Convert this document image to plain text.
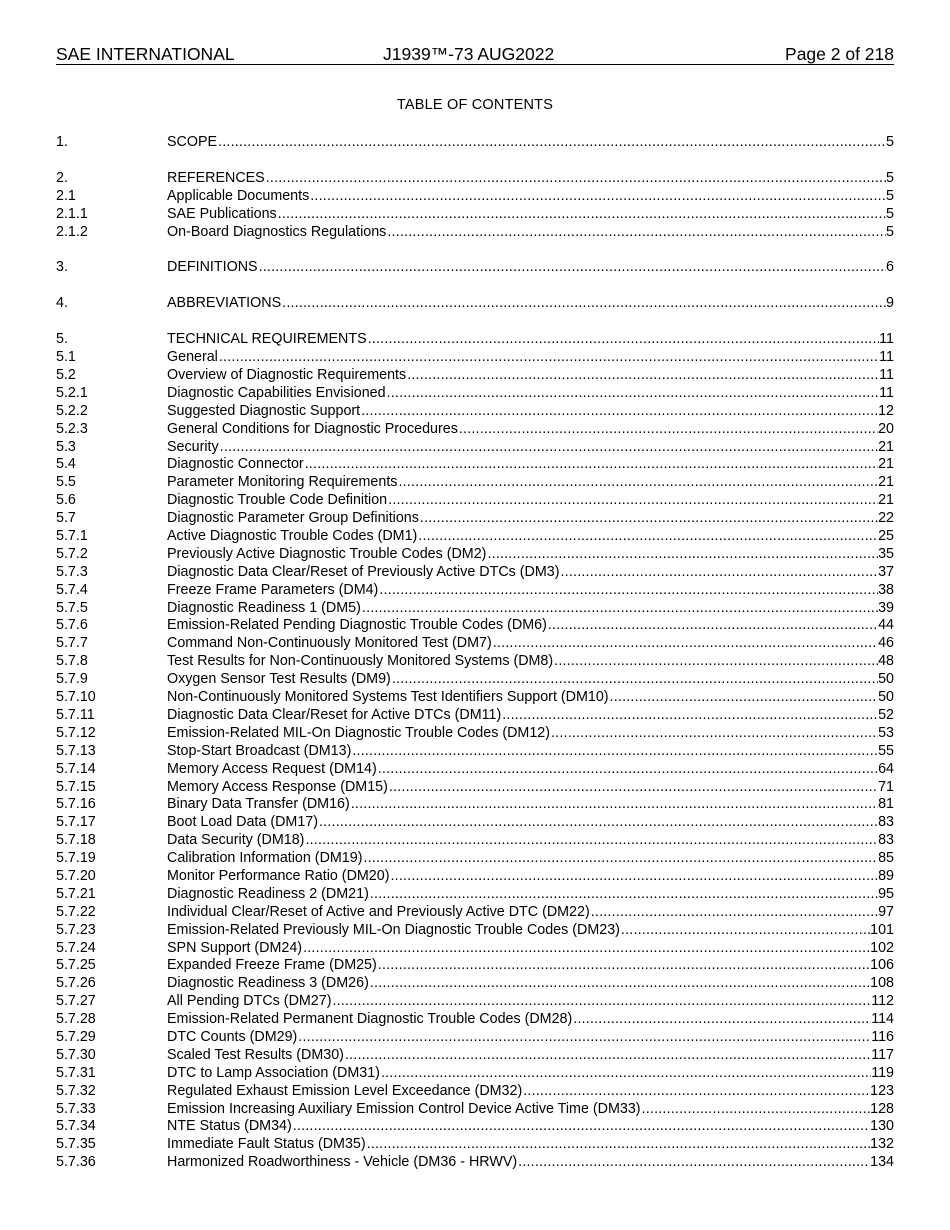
SAE INTERNATIONAL	J1939™-73 AUG2022	Page 2 of 218
TABLE OF CONTENTS
1.	SCOPE .....	5
2.	REFERENCES .....	5
2.1	Applicable Documents .....	5
2.1.1	SAE Publications .....	5
2.1.2	On-Board Diagnostics Regulations .....	5
3.	DEFINITIONS .....	6
4.	ABBREVIATIONS .....	9
5.	TECHNICAL REQUIREMENTS .....	11
5.1	General .....	11
5.2	Overview of Diagnostic Requirements .....	11
5.2.1	Diagnostic Capabilities Envisioned .....	11
5.2.2	Suggested Diagnostic Support .....	12
5.2.3	General Conditions for Diagnostic Procedures .....	20
5.3	Security .....	21
5.4	Diagnostic Connector .....	21
5.5	Parameter Monitoring Requirements .....	21
5.6	Diagnostic Trouble Code Definition .....	21
5.7	Diagnostic Parameter Group Definitions .....	22
5.7.1	Active Diagnostic Trouble Codes (DM1) .....	25
5.7.2	Previously Active Diagnostic Trouble Codes (DM2) .....	35
5.7.3	Diagnostic Data Clear/Reset of Previously Active DTCs (DM3) .....	37
5.7.4	Freeze Frame Parameters (DM4) .....	38
5.7.5	Diagnostic Readiness 1 (DM5) .....	39
5.7.6	Emission-Related Pending Diagnostic Trouble Codes (DM6) .....	44
5.7.7	Command Non-Continuously Monitored Test (DM7) .....	46
5.7.8	Test Results for Non-Continuously Monitored Systems (DM8) .....	48
5.7.9	Oxygen Sensor Test Results (DM9) .....	50
5.7.10	Non-Continuously Monitored Systems Test Identifiers Support (DM10) .....	50
5.7.11	Diagnostic Data Clear/Reset for Active DTCs (DM11) .....	52
5.7.12	Emission-Related MIL-On Diagnostic Trouble Codes (DM12) .....	53
5.7.13	Stop-Start Broadcast (DM13) .....	55
5.7.14	Memory Access Request (DM14) .....	64
5.7.15	Memory Access Response (DM15) .....	71
5.7.16	Binary Data Transfer (DM16) .....	81
5.7.17	Boot Load Data (DM17) .....	83
5.7.18	Data Security (DM18) .....	83
5.7.19	Calibration Information (DM19) .....	85
5.7.20	Monitor Performance Ratio (DM20) .....	89
5.7.21	Diagnostic Readiness 2 (DM21) .....	95
5.7.22	Individual Clear/Reset of Active and Previously Active DTC (DM22) .....	97
5.7.23	Emission-Related Previously MIL-On Diagnostic Trouble Codes (DM23) .....	101
5.7.24	SPN Support (DM24) .....	102
5.7.25	Expanded Freeze Frame (DM25) .....	106
5.7.26	Diagnostic Readiness 3 (DM26) .....	108
5.7.27	All Pending DTCs (DM27) .....	112
5.7.28	Emission-Related Permanent Diagnostic Trouble Codes (DM28) .....	114
5.7.29	DTC Counts (DM29) .....	116
5.7.30	Scaled Test Results (DM30) .....	117
5.7.31	DTC to Lamp Association (DM31) .....	119
5.7.32	Regulated Exhaust Emission Level Exceedance (DM32) .....	123
5.7.33	Emission Increasing Auxiliary Emission Control Device Active Time (DM33) .....	128
5.7.34	NTE Status (DM34) .....	130
5.7.35	Immediate Fault Status (DM35) .....	132
5.7.36	Harmonized Roadworthiness - Vehicle (DM36 - HRWV) .....	134
